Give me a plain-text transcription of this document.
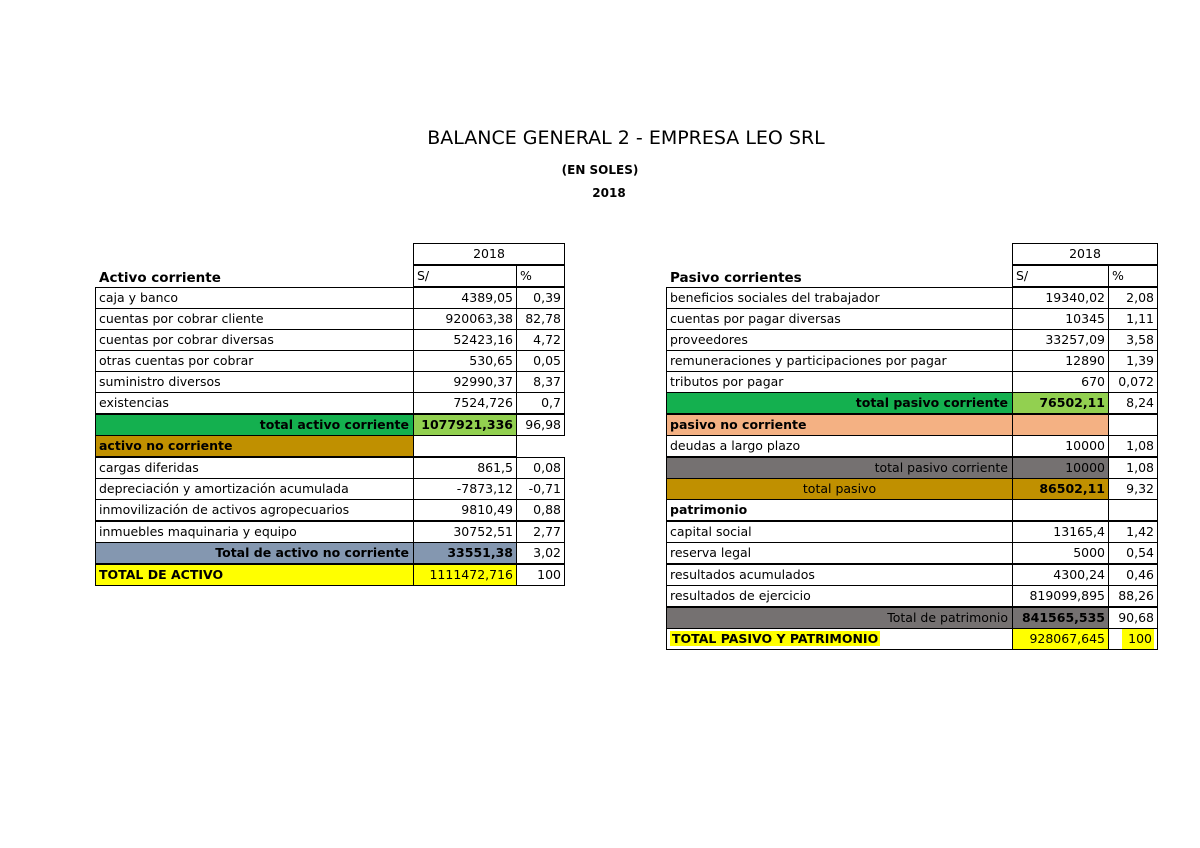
BALANCE GENERAL 2 - EMPRESA LEO SRL
(EN SOLES)
2018
2018
Activo corriente	S/	%
caja y banco	4389,05	0,39
cuentas por cobrar cliente	920063,38 82,78
cuentas por cobrar diversas	52423,16	4,72
otras cuentas por cobrar	530,65	0,05
suministro diversos	92990,37	8,37
existencias	7524,726	0,7
total activo corriente 1077921,336 96,98
activo no corriente
cargas diferidas	861,5	0,08
depreciación y amortización acumulada	-7873,12	-0,71
inmovilización de activos agropecuarios	9810,49	0,88
inmuebles maquinaria y equipo	30752,51	2,77
Total de activo no corriente	33551,38	3,02
TOTAL DE ACTIVO	1111472,716	100
2018
Pasivo corrientes	S/	%
beneficios sociales del trabajador	19340,02	2,08
cuentas por pagar diversas	10345	1,11
proveedores	33257,09	3,58
remuneraciones y participaciones por pagar	12890	1,39
tributos por pagar	670	0,072
total pasivo corriente	76502,11	8,24
pasivo no corriente
deudas a largo plazo	10000	1,08
total pasivo corriente	10000	1,08
total pasivo	86502,11	9,32
patrimonio
capital social	13165,4	1,42
reserva legal	5000	0,54
resultados acumulados	4300,24	0,46
resultados de ejercicio	819099,895	88,26
Total de patrimonio	841565,535	90,68
TOTAL PASIVO Y PATRIMONIO	928067,645	100
